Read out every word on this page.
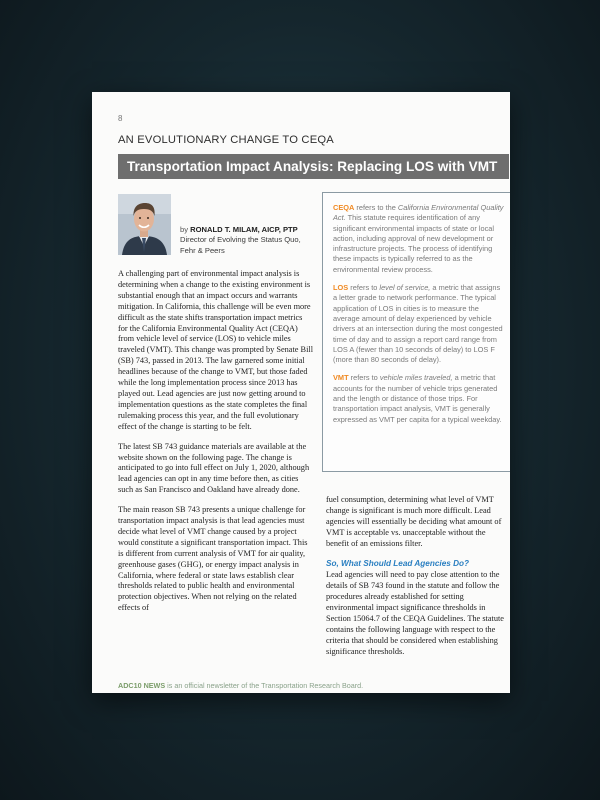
8
AN EVOLUTIONARY CHANGE TO CEQA
Transportation Impact Analysis: Replacing LOS with VMT
by RONALD T. MILAM, AICP, PTP
Director of Evolving the Status Quo,
Fehr & Peers

A challenging part of environmental impact analysis is determining when a change to the existing environment is substantial enough that an impact occurs and warrants mitigation. In California, this challenge will be even more difficult as the state shifts transportation impact metrics for the California Environmental Quality Act (CEQA) from vehicle level of service (LOS) to vehicle miles traveled (VMT). This change was prompted by Senate Bill (SB) 743, passed in 2013. The law garnered some initial headlines because of the change to VMT, but those faded while the long implementation process since 2013 has played out. Lead agencies are just now getting around to implementation questions as the state completes the final rulemaking process this year, and the full evolutionary effect of the change is starting to be felt.

The latest SB 743 guidance materials are available at the website shown on the following page. The change is anticipated to go into full effect on July 1, 2020, although lead agencies can opt in any time before then, as cities such as San Francisco and Oakland have already done.

The main reason SB 743 presents a unique challenge for transportation impact analysis is that lead agencies must decide what level of VMT change caused by a project would constitute a significant transportation impact. This is different from current analysis of VMT for air quality, greenhouse gases (GHG), or energy impact analysis in California, where federal or state laws establish clear thresholds related to public health and environmental protection objectives. When not relying on the related effects of

CEQA refers to the California Environmental Quality Act. This statute requires identification of any significant environmental impacts of state or local action, including approval of new development or infrastructure projects. The process of identifying these impacts is typically referred to as the environmental review process.

LOS refers to level of service, a metric that assigns a letter grade to network performance. The typical application of LOS in cities is to measure the average amount of delay experienced by vehicle drivers at an intersection during the most congested time of day and to assign a report card range from LOS A (fewer than 10 seconds of delay) to LOS F (more than 80 seconds of delay).

VMT refers to vehicle miles traveled, a metric that accounts for the number of vehicle trips generated and the length or distance of those trips. For transportation impact analysis, VMT is generally expressed as VMT per capita for a typical weekday.

fuel consumption, determining what level of VMT change is significant is much more difficult. Lead agencies will essentially be deciding what amount of VMT is acceptable vs. unacceptable without the benefit of an emissions filter.

So, What Should Lead Agencies Do?

Lead agencies will need to pay close attention to the details of SB 743 found in the statute and follow the procedures already established for setting environmental impact significance thresholds in Section 15064.7 of the CEQA Guidelines. The statute contains the following language with respect to the criteria that should be considered when establishing significance thresholds.

ADC10 NEWS is an official newsletter of the Transportation Research Board.
